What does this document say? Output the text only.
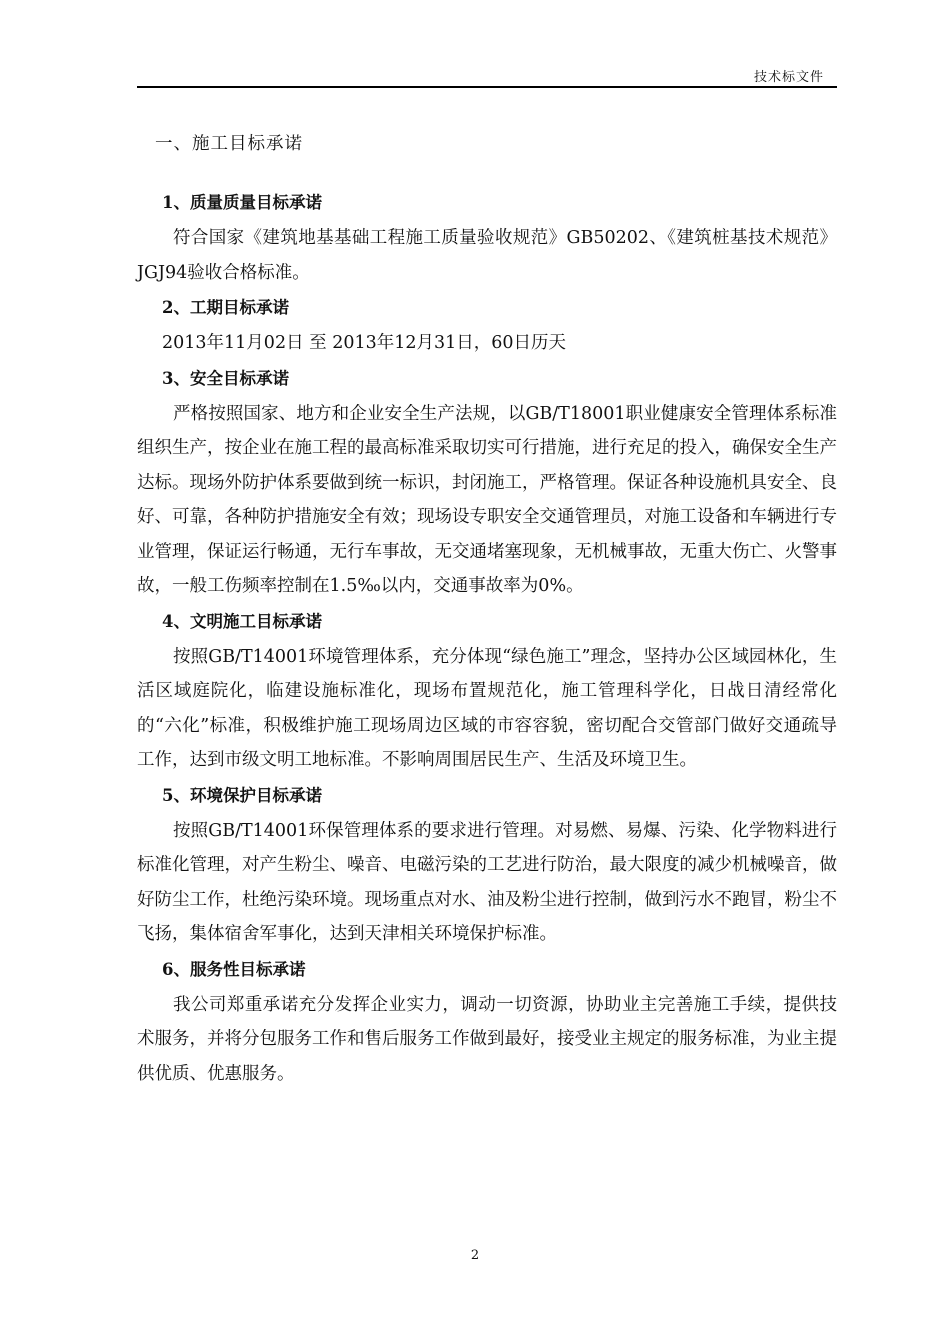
技术标文件
一、施工目标承诺
1、质量质量目标承诺

符合国家《建筑地基基础工程施工质量验收规范》GB50202、《建筑桩基技术规范》JGJ94验收合格标准。

2、工期目标承诺

2013年11月02日 至 2013年12月31日，60日历天

3、安全目标承诺

严格按照国家、地方和企业安全生产法规，以GB/T18001职业健康安全管理体系标准组织生产，按企业在施工程的最高标准采取切实可行措施，进行充足的投入，确保安全生产达标。现场外防护体系要做到统一标识，封闭施工，严格管理。保证各种设施机具安全、良好、可靠，各种防护措施安全有效；现场设专职安全交通管理员，对施工设备和车辆进行专业管理，保证运行畅通，无行车事故，无交通堵塞现象，无机械事故，无重大伤亡、火警事故，一般工伤频率控制在1.5‰以内，交通事故率为0%。

4、文明施工目标承诺

按照GB/T14001环境管理体系，充分体现“绿色施工”理念，坚持办公区域园林化，生活区域庭院化，临建设施标准化，现场布置规范化，施工管理科学化，日战日清经常化的“六化”标准，积极维护施工现场周边区域的市容容貌，密切配合交管部门做好交通疏导工作，达到市级文明工地标准。不影响周围居民生产、生活及环境卫生。

5、环境保护目标承诺

按照GB/T14001环保管理体系的要求进行管理。对易燃、易爆、污染、化学物料进行标准化管理，对产生粉尘、噪音、电磁污染的工艺进行防治，最大限度的减少机械噪音，做好防尘工作，杜绝污染环境。现场重点对水、油及粉尘进行控制，做到污水不跑冒，粉尘不飞扬，集体宿舍军事化，达到天津相关环境保护标准。

6、服务性目标承诺

我公司郑重承诺充分发挥企业实力，调动一切资源，协助业主完善施工手续，提供技术服务，并将分包服务工作和售后服务工作做到最好，接受业主规定的服务标准，为业主提供优质、优惠服务。

2
